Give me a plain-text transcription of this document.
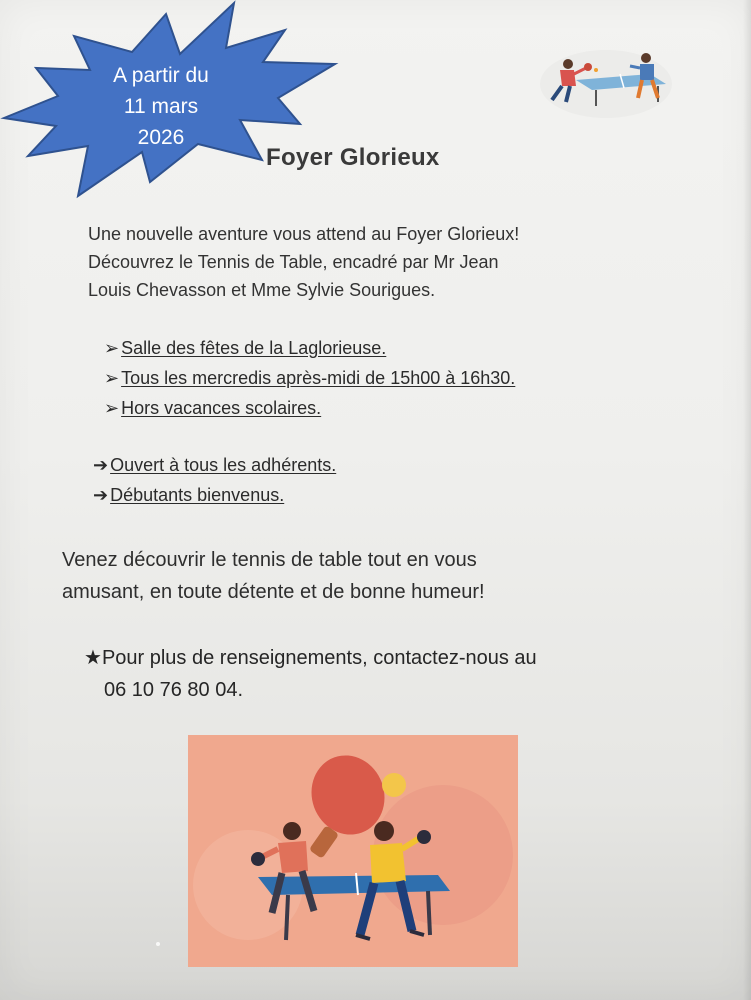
A partir du
11 mars
2026
Foyer Glorieux
Une nouvelle aventure vous attend au Foyer Glorieux!
Découvrez le Tennis de Table, encadré par Mr Jean
Louis Chevasson et Mme Sylvie Sourigues.
➢ Salle des fêtes de la Laglorieuse.
➢ Tous les mercredis après-midi de 15h00 à 16h30.
➢ Hors vacances scolaires.
➔ Ouvert à tous les adhérents.
➔ Débutants bienvenus.
Venez découvrir le tennis de table tout en vous
amusant, en toute détente et de bonne humeur!
★Pour plus de renseignements, contactez-nous au
06 10 76 80 04.
